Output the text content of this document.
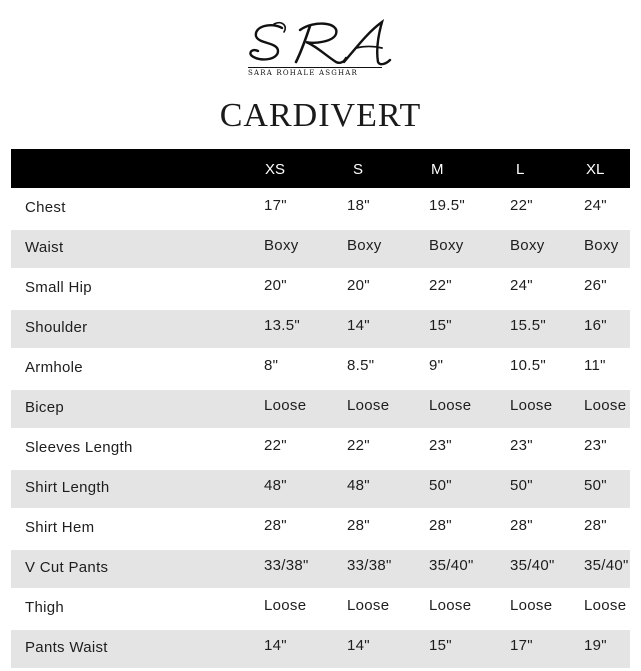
SRA
SARA ROHALE ASGHAR
CARDIVERT
XS	S	M	L	XL
Chest	17"	18"	19.5"	22"	24"
Waist	Boxy	Boxy	Boxy	Boxy	Boxy
Small Hip	20"	20"	22"	24"	26"
Shoulder	13.5"	14"	15"	15.5"	16"
Armhole	8"	8.5"	9"	10.5"	11"
Bicep	Loose	Loose	Loose	Loose Loose
Sleeves Length	22"	22"	23"	23"	23"
Shirt Length	48"	48"	50"	50"	50"
Shirt Hem	28"	28"	28"	28"	28"
V Cut Pants	33/38"	33/38" 35/40" 35/40" 35/40"
Thigh	Loose	Loose	Loose	Loose Loose
Pants Waist	14"	14"	15"	17"	19"
